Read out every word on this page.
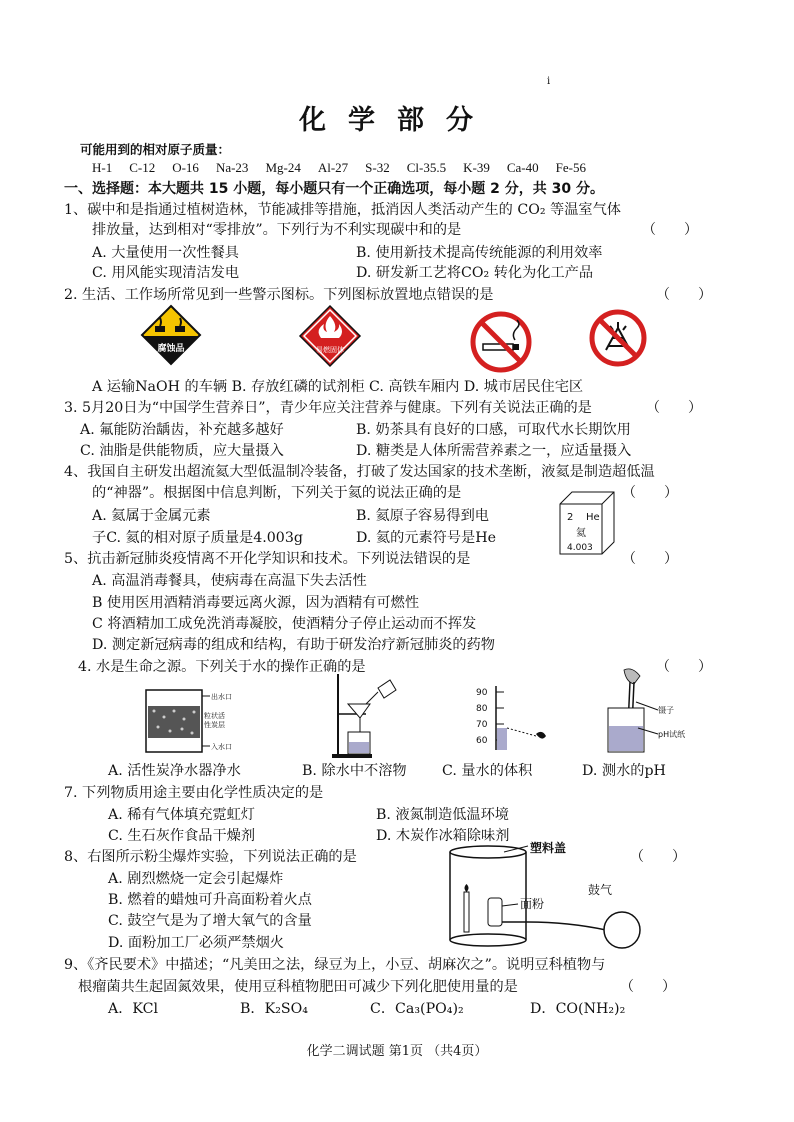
i
化学部分
可能用到的相对原子质量：
H-1 C-12 O-16 Na-23 Mg-24 Al-27 S-32 Cl-35.5 K-39 Ca-40 Fe-56
一、选择题：本大题共 15 小题，每小题只有一个正确选项，每小题 2 分，共 30 分。
1、碳中和是指通过植树造林，节能减排等措施，抵消因人类活动产生的 CO₂ 等温室气体
排放量，达到相对“零排放”。下列行为不利实现碳中和的是	（　　）
A. 大量使用一次性餐具	B. 使用新技术提高传统能源的利用效率
C. 用风能实现清洁发电	D. 研发新工艺将CO₂ 转化为化工产品
2. 生活、工作场所常见到一些警示图标。下列图标放置地点错误的是	（　　）
腐蚀品	易燃固体
A 运输NaOH 的车辆 B. 存放红磷的试剂柜 C. 高铁车厢内 D. 城市居民住宅区
3. 5月20日为“中国学生营养日”，青少年应关注营养与健康。下列有关说法正确的是	（　　）
A. 氟能防治龋齿，补充越多越好	B. 奶茶具有良好的口感，可取代水长期饮用
C. 油脂是供能物质，应大量摄入	D. 糖类是人体所需营养素之一，应适量摄入
4、我国自主研发出超流氦大型低温制冷装备，打破了发达国家的技术垄断，液氦是制造超低温
的“神器”。根据图中信息判断，下列关于氦的说法正确的是	（　　）
A. 氦属于金属元素	B. 氦原子容易得到电
子C. 氦的相对原子质量是4.003g	D. 氦的元素符号是He
2 He
氦
4.003
5、抗击新冠肺炎疫情离不开化学知识和技术。下列说法错误的是	（　　）
A. 高温消毒餐具，使病毒在高温下失去活性
B 使用医用酒精消毒要远离火源，因为酒精有可燃性
C 将酒精加工成免洗消毒凝胶，使酒精分子停止运动而不挥发
D. 测定新冠病毒的组成和结构，有助于研发治疗新冠肺炎的药物
4. 水是生命之源。下列关于水的操作正确的是	（　　）
出水口
粒状活
性炭层
入水口
90
80
70
60
镊子
pH试纸
A. 活性炭净水器净水	B. 除水中不溶物 C. 量水的体积	D. 测水的pH
7. 下列物质用途主要由化学性质决定的是
A. 稀有气体填充霓虹灯	B. 液氮制造低温环境
C. 生石灰作食品干燥剂	D. 木炭作冰箱除味剂
8、右图所示粉尘爆炸实验，下列说法正确的是	（　　）
A. 剧烈燃烧一定会引起爆炸
B. 燃着的蜡烛可升高面粉着火点
C. 鼓空气是为了增大氧气的含量
D. 面粉加工厂必须严禁烟火
塑料盖
鼓气
面粉
9、《齐民要术》中描述；“凡美田之法，绿豆为上，小豆、胡麻次之”。说明豆科植物与
根瘤菌共生起固氮效果，使用豆科植物肥田可减少下列化肥使用量的是	（　　）
A．KCl	B．K₂SO₄	C．Ca₃(PO₄)₂	D．CO(NH₂)₂
化学二调试题 第1页 （共4页）
